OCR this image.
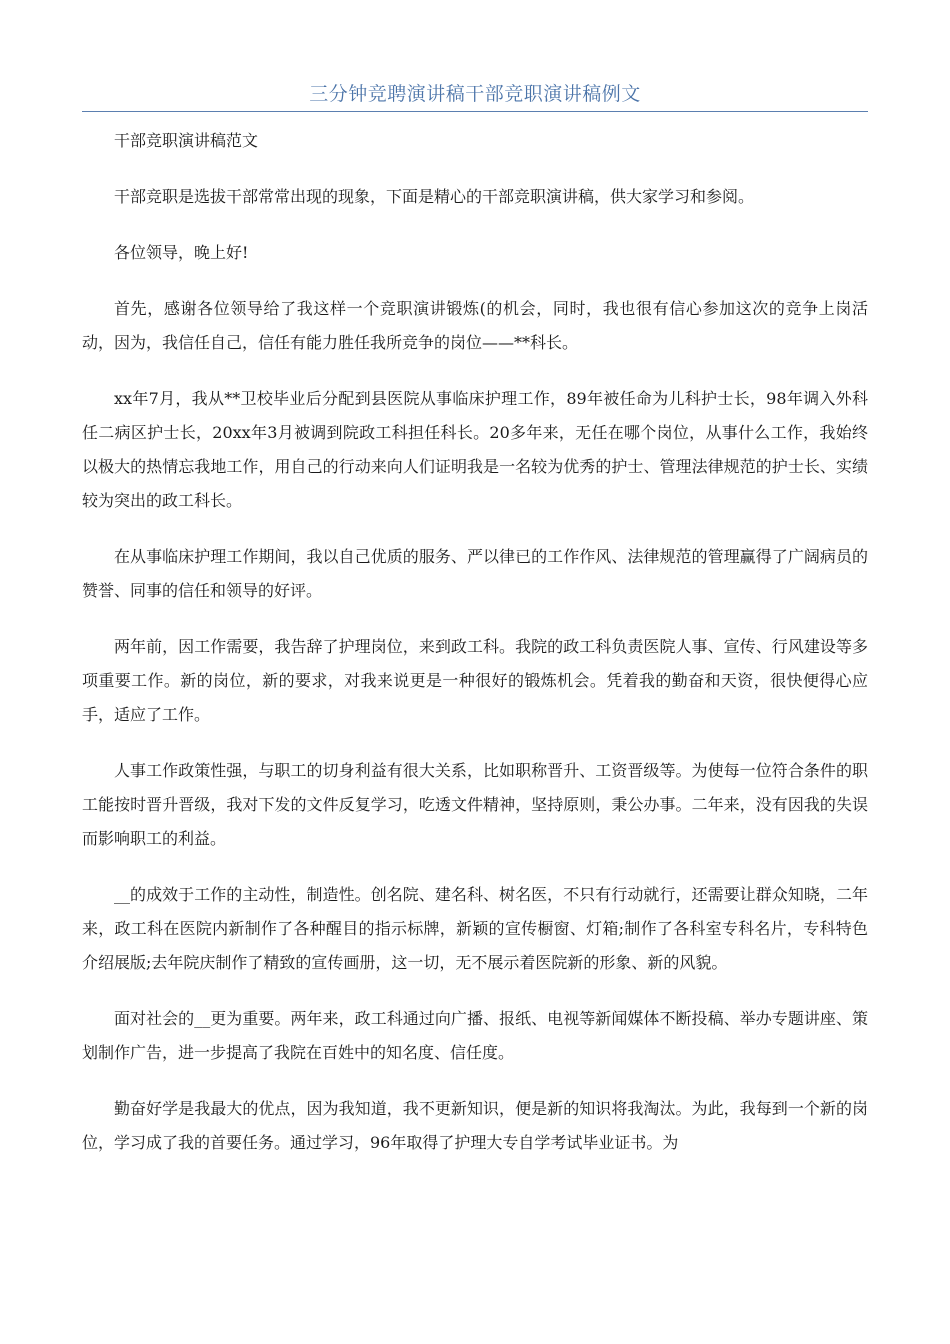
三分钟竞聘演讲稿干部竞职演讲稿例文

干部竞职演讲稿范文

干部竞职是选拔干部常常出现的现象，下面是精心的干部竞职演讲稿，供大家学习和参阅。

各位领导，晚上好!

首先，感谢各位领导给了我这样一个竞职演讲锻炼(的机会，同时，我也很有信心参加这次的竞争上岗活动，因为，我信任自己，信任有能力胜任我所竞争的岗位——**科长。

xx年7月，我从**卫校毕业后分配到县医院从事临床护理工作，89年被任命为儿科护士长，98年调入外科任二病区护士长，20xx年3月被调到院政工科担任科长。20多年来，无任在哪个岗位，从事什么工作，我始终以极大的热情忘我地工作，用自己的行动来向人们证明我是一名较为优秀的护士、管理法律规范的护士长、实绩较为突出的政工科长。

在从事临床护理工作期间，我以自己优质的服务、严以律已的工作作风、法律规范的管理赢得了广阔病员的赞誉、同事的信任和领导的好评。

两年前，因工作需要，我告辞了护理岗位，来到政工科。我院的政工科负责医院人事、宣传、行风建设等多项重要工作。新的岗位，新的要求，对我来说更是一种很好的锻炼机会。凭着我的勤奋和天资，很快便得心应手，适应了工作。

人事工作政策性强，与职工的切身利益有很大关系，比如职称晋升、工资晋级等。为使每一位符合条件的职工能按时晋升晋级，我对下发的文件反复学习，吃透文件精神，坚持原则，秉公办事。二年来，没有因我的失误而影响职工的利益。

__的成效于工作的主动性，制造性。创名院、建名科、树名医，不只有行动就行，还需要让群众知晓，二年来，政工科在医院内新制作了各种醒目的指示标牌，新颖的宣传橱窗、灯箱;制作了各科室专科名片，专科特色介绍展版;去年院庆制作了精致的宣传画册，这一切，无不展示着医院新的形象、新的风貌。

面对社会的__更为重要。两年来，政工科通过向广播、报纸、电视等新闻媒体不断投稿、举办专题讲座、策划制作广告，进一步提高了我院在百姓中的知名度、信任度。

勤奋好学是我最大的优点，因为我知道，我不更新知识，便是新的知识将我淘汰。为此，我每到一个新的岗位，学习成了我的首要任务。通过学习，96年取得了护理大专自学考试毕业证书。为
